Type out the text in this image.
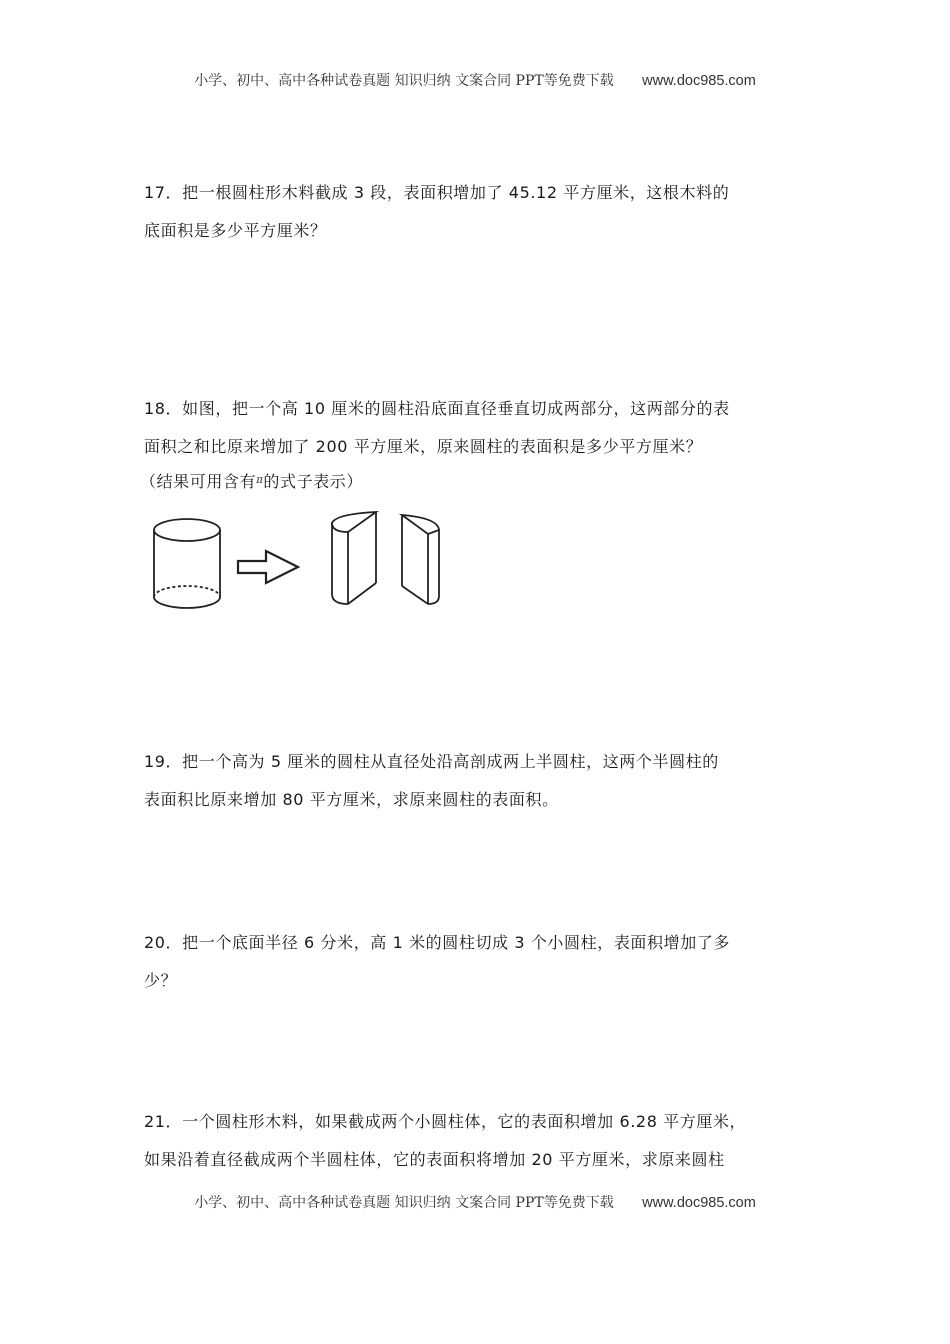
小学、初中、高中各种试卷真题 知识归纳 文案合同 PPT等免费下载 www.doc985.com

17．把一根圆柱形木料截成 3 段，表面积增加了 45.12 平方厘米，这根木料的

底面积是多少平方厘米？

18．如图，把一个高 10 厘米的圆柱沿底面直径垂直切成两部分，这两部分的表

面积之和比原来增加了 200 平方厘米，原来圆柱的表面积是多少平方厘米？

（结果可用含有$^\pi$的式子表示）

19．把一个高为 5 厘米的圆柱从直径处沿高剖成两上半圆柱，这两个半圆柱的

表面积比原来增加 80 平方厘米，求原来圆柱的表面积。

20．把一个底面半径 6 分米，高 1 米的圆柱切成 3 个小圆柱，表面积增加了多

少？

21．一个圆柱形木料，如果截成两个小圆柱体，它的表面积增加 6.28 平方厘米，

如果沿着直径截成两个半圆柱体，它的表面积将增加 20 平方厘米，求原来圆柱

小学、初中、高中各种试卷真题 知识归纳 文案合同 PPT等免费下载 www.doc985.com
